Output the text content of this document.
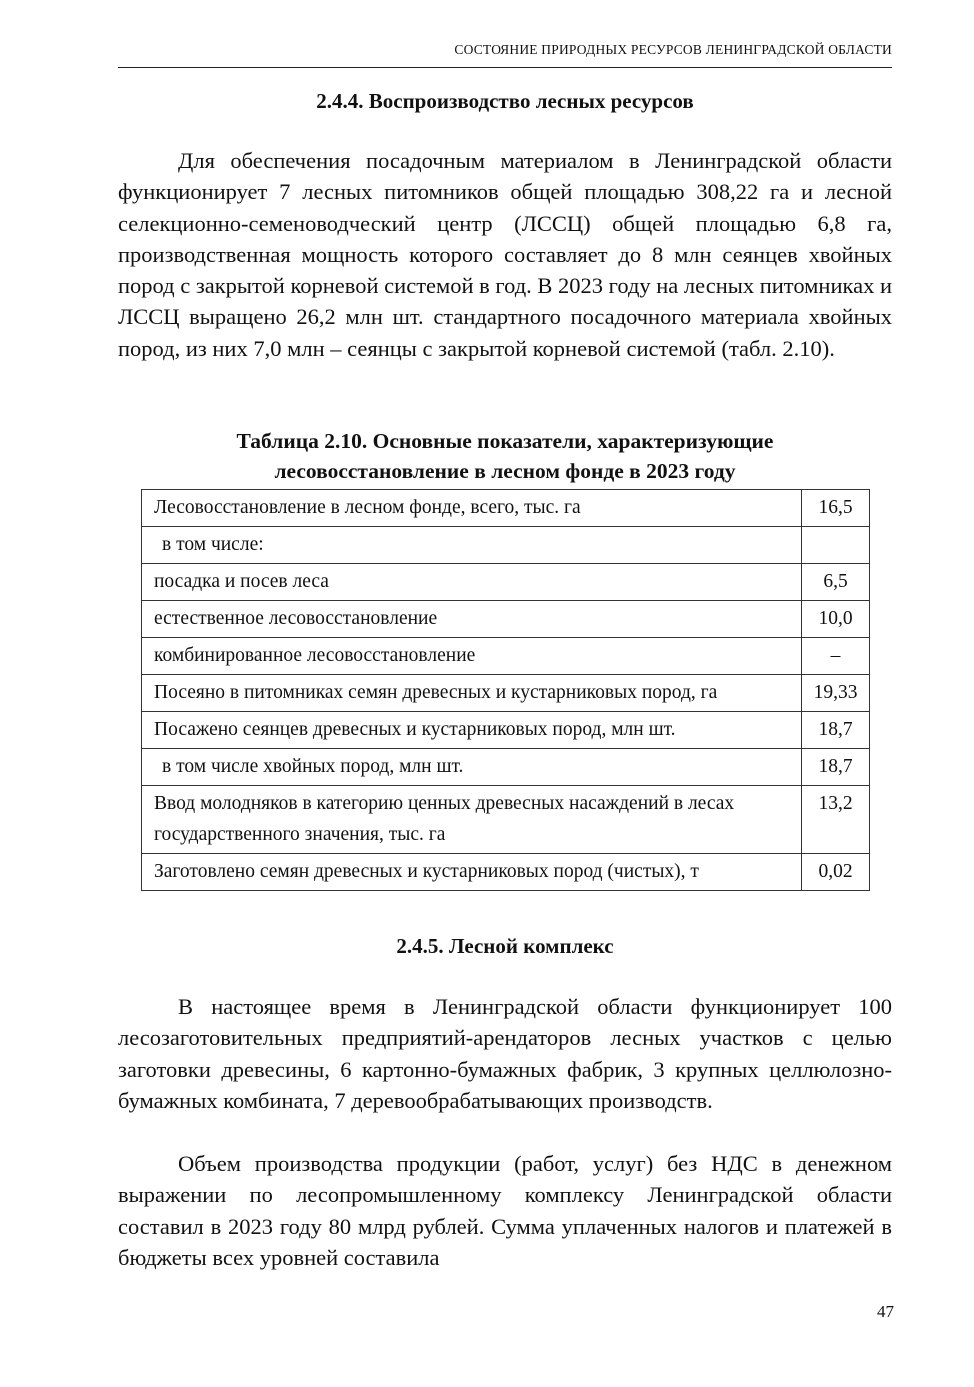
СОСТОЯНИЕ ПРИРОДНЫХ РЕСУРСОВ ЛЕНИНГРАДСКОЙ ОБЛАСТИ
2.4.4. Воспроизводство лесных ресурсов
Для обеспечения посадочным материалом в Ленинградской области функционирует 7 лесных питомников общей площадью 308,22 га и лесной селекционно-семеноводческий центр (ЛССЦ) общей площадью 6,8 га, производственная мощность которого составляет до 8 млн сеянцев хвойных пород с закрытой корневой системой в год. В 2023 году на лесных питомниках и ЛССЦ выращено 26,2 млн шт. стандартного посадочного материала хвойных пород, из них 7,0 млн – сеянцы с закрытой корневой системой (табл. 2.10).
Таблица 2.10. Основные показатели, характеризующие
лесовосстановление в лесном фонде в 2023 году
Лесовосстановление в лесном фонде, всего, тыс. га	16,5
в том числе:	
посадка и посев леса	6,5
естественное лесовосстановление	10,0
комбинированное лесовосстановление	–
Посеяно в питомниках семян древесных и кустарниковых пород, га	19,33
Посажено сеянцев древесных и кустарниковых пород, млн шт.	18,7
в том числе хвойных пород, млн шт.	18,7
Ввод молодняков в категорию ценных древесных насаждений в лесах государственного значения, тыс. га	13,2
Заготовлено семян древесных и кустарниковых пород (чистых), т	0,02
2.4.5. Лесной комплекс
В настоящее время в Ленинградской области функционирует 100 лесозаготовительных предприятий-арендаторов лесных участков с целью заготовки древесины, 6 картонно-бумажных фабрик, 3 крупных целлюлозно-бумажных комбината, 7 деревообрабатывающих производств.
Объем производства продукции (работ, услуг) без НДС в денежном выражении по лесопромышленному комплексу Ленинградской области составил в 2023 году 80 млрд рублей. Сумма уплаченных налогов и платежей в бюджеты всех уровней составила
47
